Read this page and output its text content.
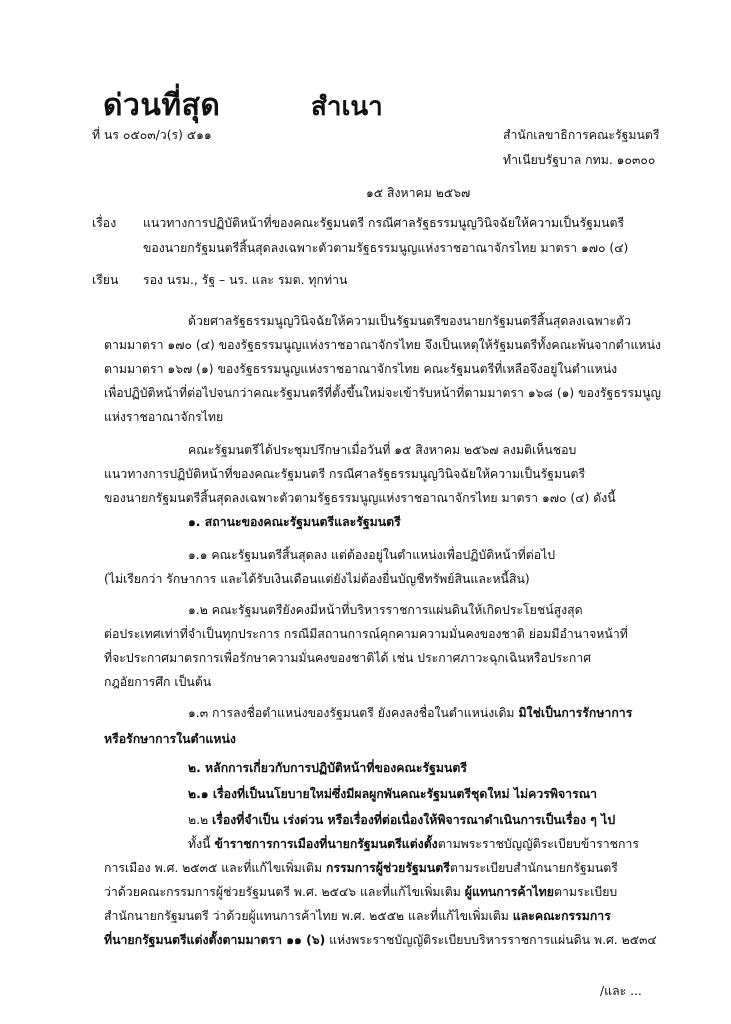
ด่วนที่สุด	สำเนา
ที่ นร ๐๕๐๓/ว(ร) ๕๑๑	สำนักเลขาธิการคณะรัฐมนตรี
ทำเนียบรัฐบาล กทม. ๑๐๓๐๐
๑๕ สิงหาคม ๒๕๖๗
เรื่อง แนวทางการปฏิบัติหน้าที่ของคณะรัฐมนตรี กรณีศาลรัฐธรรมนูญวินิจฉัยให้ความเป็นรัฐมนตรี
ของนายกรัฐมนตรีสิ้นสุดลงเฉพาะตัวตามรัฐธรรมนูญแห่งราชอาณาจักรไทย มาตรา ๑๗๐ (๔)
เรียน รอง นรม., รัฐ – นร. และ รมต. ทุกท่าน
ด้วยศาลรัฐธรรมนูญวินิจฉัยให้ความเป็นรัฐมนตรีของนายกรัฐมนตรีสิ้นสุดลงเฉพาะตัว
ตามมาตรา ๑๗๐ (๔) ของรัฐธรรมนูญแห่งราชอาณาจักรไทย จึงเป็นเหตุให้รัฐมนตรีทั้งคณะพ้นจากตำแหน่ง
ตามมาตรา ๑๖๗ (๑) ของรัฐธรรมนูญแห่งราชอาณาจักรไทย คณะรัฐมนตรีที่เหลือจึงอยู่ในตำแหน่ง
เพื่อปฏิบัติหน้าที่ต่อไปจนกว่าคณะรัฐมนตรีที่ตั้งขึ้นใหม่จะเข้ารับหน้าที่ตามมาตรา ๑๖๘ (๑) ของรัฐธรรมนูญ
แห่งราชอาณาจักรไทย
คณะรัฐมนตรีได้ประชุมปรึกษาเมื่อวันที่ ๑๕ สิงหาคม ๒๕๖๗ ลงมติเห็นชอบ
แนวทางการปฏิบัติหน้าที่ของคณะรัฐมนตรี กรณีศาลรัฐธรรมนูญวินิจฉัยให้ความเป็นรัฐมนตรี
ของนายกรัฐมนตรีสิ้นสุดลงเฉพาะตัวตามรัฐธรรมนูญแห่งราชอาณาจักรไทย มาตรา ๑๗๐ (๔) ดังนี้
๑. สถานะของคณะรัฐมนตรีและรัฐมนตรี
๑.๑ คณะรัฐมนตรีสิ้นสุดลง แต่ต้องอยู่ในตำแหน่งเพื่อปฏิบัติหน้าที่ต่อไป
(ไม่เรียกว่า รักษาการ และได้รับเงินเดือนแต่ยังไม่ต้องยื่นบัญชีทรัพย์สินและหนี้สิน)
๑.๒ คณะรัฐมนตรียังคงมีหน้าที่บริหารราชการแผ่นดินให้เกิดประโยชน์สูงสุด
ต่อประเทศเท่าที่จำเป็นทุกประการ กรณีมีสถานการณ์คุกคามความมั่นคงของชาติ ย่อมมีอำนาจหน้าที่
ที่จะประกาศมาตรการเพื่อรักษาความมั่นคงของชาติได้ เช่น ประกาศภาวะฉุกเฉินหรือประกาศ
กฎอัยการศึก เป็นต้น
๑.๓ การลงชื่อตำแหน่งของรัฐมนตรี ยังคงลงชื่อในตำแหน่งเดิม มิใช่เป็นการรักษาการ
หรือรักษาการในตำแหน่ง
๒. หลักการเกี่ยวกับการปฏิบัติหน้าที่ของคณะรัฐมนตรี
๒.๑ เรื่องที่เป็นนโยบายใหม่ซึ่งมีผลผูกพันคณะรัฐมนตรีชุดใหม่ ไม่ควรพิจารณา
๒.๒ เรื่องที่จำเป็น เร่งด่วน หรือเรื่องที่ต่อเนื่องให้พิจารณาดำเนินการเป็นเรื่อง ๆ ไป
ทั้งนี้ ข้าราชการการเมืองที่นายกรัฐมนตรีแต่งตั้งตามพระราชบัญญัติระเบียบข้าราชการ
การเมือง พ.ศ. ๒๕๓๕ และที่แก้ไขเพิ่มเติม กรรมการผู้ช่วยรัฐมนตรีตามระเบียบสำนักนายกรัฐมนตรี
ว่าด้วยคณะกรรมการผู้ช่วยรัฐมนตรี พ.ศ. ๒๕๔๖ และที่แก้ไขเพิ่มเติม ผู้แทนการค้าไทยตามระเบียบ
สำนักนายกรัฐมนตรี ว่าด้วยผู้แทนการค้าไทย พ.ศ. ๒๕๕๒ และที่แก้ไขเพิ่มเติม และคณะกรรมการ
ที่นายกรัฐมนตรีแต่งตั้งตามมาตรา ๑๑ (๖) แห่งพระราชบัญญัติระเบียบบริหารราชการแผ่นดิน พ.ศ. ๒๕๓๔
/และ ...
